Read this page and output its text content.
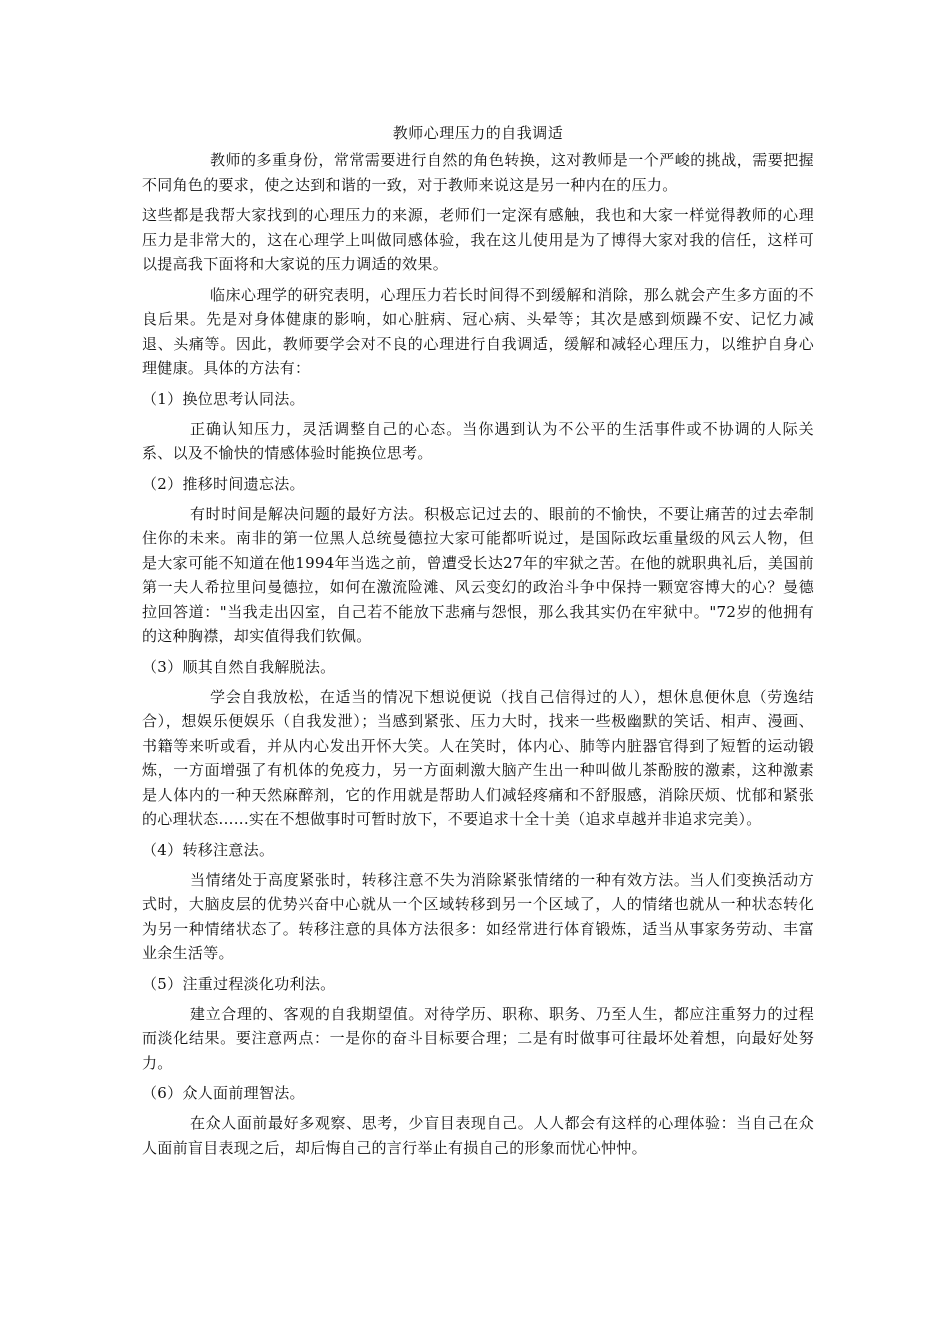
教师心理压力的自我调适

教师的多重身份，常常需要进行自然的角色转换，这对教师是一个严峻的挑战，需要把握不同角色的要求，使之达到和谐的一致，对于教师来说这是另一种内在的压力。

这些都是我帮大家找到的心理压力的来源，老师们一定深有感触，我也和大家一样觉得教师的心理压力是非常大的，这在心理学上叫做同感体验，我在这儿使用是为了博得大家对我的信任，这样可以提高我下面将和大家说的压力调适的效果。

临床心理学的研究表明，心理压力若长时间得不到缓解和消除，那么就会产生多方面的不良后果。先是对身体健康的影响，如心脏病、冠心病、头晕等；其次是感到烦躁不安、记忆力减退、头痛等。因此，教师要学会对不良的心理进行自我调适，缓解和减轻心理压力，以维护自身心理健康。具体的方法有：

（1）换位思考认同法。

正确认知压力，灵活调整自己的心态。当你遇到认为不公平的生活事件或不协调的人际关系、以及不愉快的情感体验时能换位思考。

（2）推移时间遗忘法。

有时时间是解决问题的最好方法。积极忘记过去的、眼前的不愉快，不要让痛苦的过去牵制住你的未来。南非的第一位黑人总统曼德拉大家可能都听说过，是国际政坛重量级的风云人物，但是大家可能不知道在他1994年当选之前，曾遭受长达27年的牢狱之苦。在他的就职典礼后，美国前第一夫人希拉里问曼德拉，如何在激流险滩、风云变幻的政治斗争中保持一颗宽容博大的心？曼德拉回答道："当我走出囚室，自己若不能放下悲痛与怨恨，那么我其实仍在牢狱中。"72岁的他拥有的这种胸襟，却实值得我们钦佩。

（3）顺其自然自我解脱法。

学会自我放松，在适当的情况下想说便说（找自己信得过的人），想休息便休息（劳逸结合），想娱乐便娱乐（自我发泄）；当感到紧张、压力大时，找来一些极幽默的笑话、相声、漫画、书籍等来听或看，并从内心发出开怀大笑。人在笑时，体内心、肺等内脏器官得到了短暂的运动锻炼，一方面增强了有机体的免疫力，另一方面刺激大脑产生出一种叫做儿茶酚胺的激素，这种激素是人体内的一种天然麻醉剂，它的作用就是帮助人们减轻疼痛和不舒服感，消除厌烦、忧郁和紧张的心理状态......实在不想做事时可暂时放下，不要追求十全十美（追求卓越并非追求完美）。

（4）转移注意法。

当情绪处于高度紧张时，转移注意不失为消除紧张情绪的一种有效方法。当人们变换活动方式时，大脑皮层的优势兴奋中心就从一个区域转移到另一个区域了，人的情绪也就从一种状态转化为另一种情绪状态了。转移注意的具体方法很多：如经常进行体育锻炼，适当从事家务劳动、丰富业余生活等。

（5）注重过程淡化功利法。

建立合理的、客观的自我期望值。对待学历、职称、职务、乃至人生，都应注重努力的过程而淡化结果。要注意两点：一是你的奋斗目标要合理；二是有时做事可往最坏处着想，向最好处努力。

（6）众人面前理智法。

在众人面前最好多观察、思考，少盲目表现自己。人人都会有这样的心理体验：当自己在众人面前盲目表现之后，却后悔自己的言行举止有损自己的形象而忧心忡忡。
